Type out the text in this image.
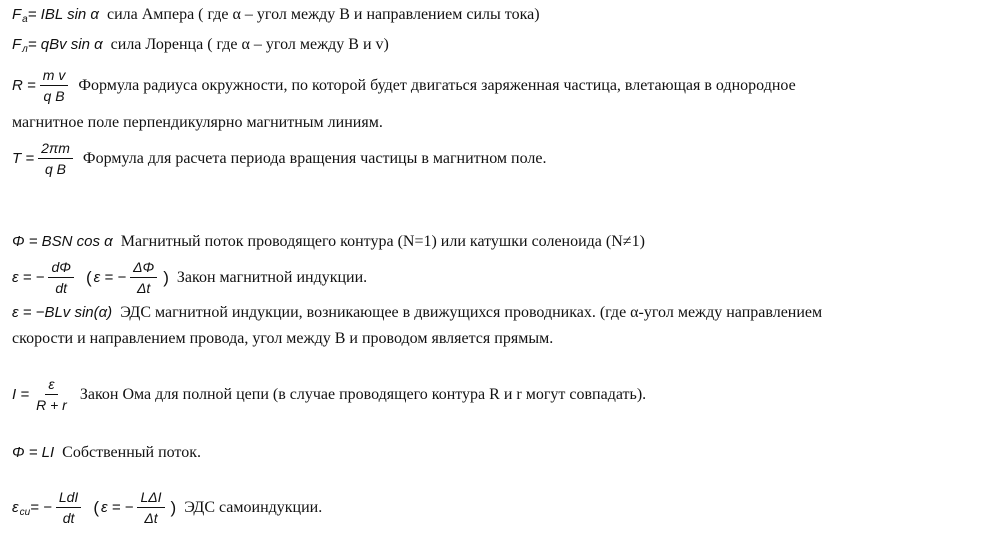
F a = IBL sin α сила Ампера ( где α – угол между B и направлением силы тока)
F л = qBv sin α сила Лоренца ( где α – угол между B и v)
$R = \frac{\text{m v}}{\text{q B}}$ Формула радиуса окружности, по которой будет двигаться заряженная частица, влетающая в однородное
магнитное поле перпендикулярно магнитным линиям.
$T = \frac{2\pi m}{\text{q B}}$ Формула для расчета периода вращения частицы в магнитном поле.
Φ = BSN cos α Магнитный поток проводящего контура (N=1) или катушки соленоида (N≠1)
ε = − $\frac{d\Phi}{dt}$ ( ε = − $\frac{\Delta\Phi}{\Delta t}$ ) Закон магнитной индукции.
ε = −BLv sin(α) ЭДС магнитной индукции, возникающее в движущихся проводниках. (где α-угол между направлением
скорости и направлением провода, угол между B и проводом является прямым.
$I = \frac{\varepsilon}{R + r}$ Закон Ома для полной цепи (в случае проводящего контура R и r могут совпадать).
Φ = LI Собственный поток.
ε си = − $\frac{\text{LdI}}{dt}$ ( ε = − $\frac{\text{LΔI}}{\Delta t}$ ) ЭДС самоиндукции.
